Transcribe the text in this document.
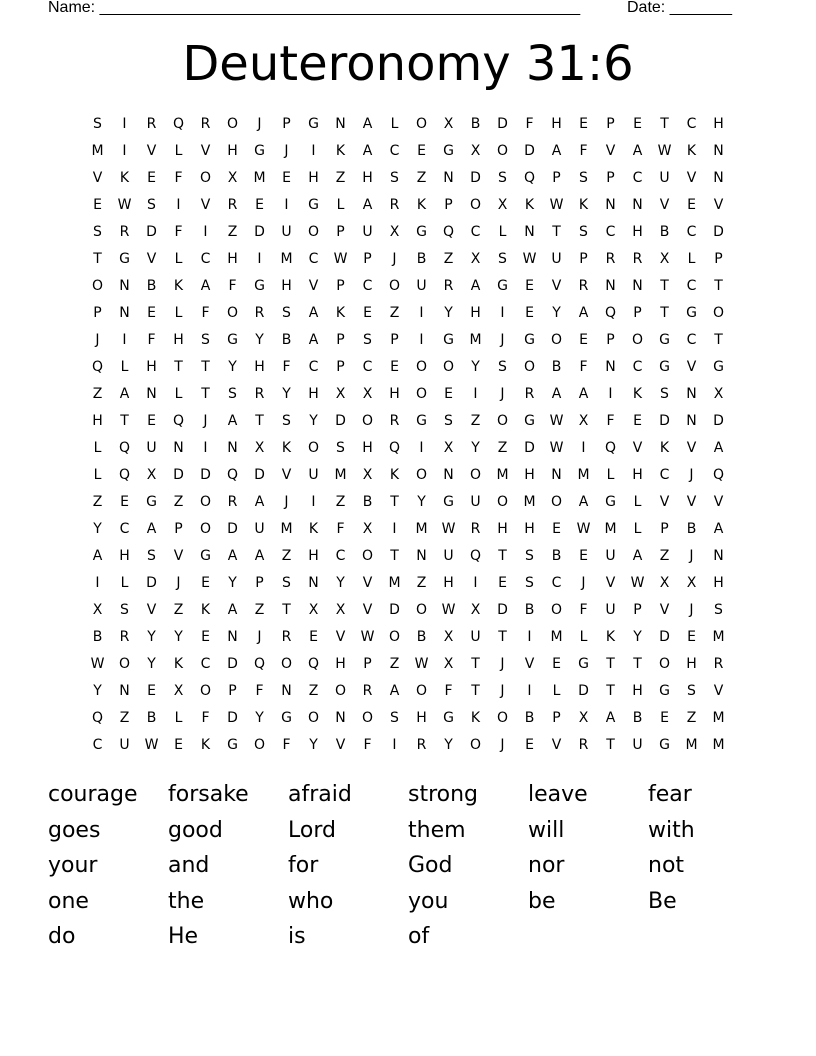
Name: ______________________________________________________	Date: _______
Deuteronomy 31:6
S	I	R	Q	R	O	J	P	G	N	A	L	O	X	B	D	F	H	E	P	E	T	C	H
M	I	V	L	V	H	G	J	I	K	A	C	E	G	X	O	D	A	F	V	A	W	K	N
V	K	E	F	O	X	M	E	H	Z	H	S	Z	N	D	S	Q	P	S	P	C	U	V	N
E	W	S	I	V	R	E	I	G	L	A	R	K	P	O	X	K	W	K	N	N	V	E	V
S	R	D	F	I	Z	D	U	O	P	U	X	G	Q	C	L	N	T	S	C	H	B	C	D
T	G	V	L	C	H	I	M	C	W	P	J	B	Z	X	S	W	U	P	R	R	X	L	P
O	N	B	K	A	F	G	H	V	P	C	O	U	R	A	G	E	V	R	N	N	T	C	T
P	N	E	L	F	O	R	S	A	K	E	Z	I	Y	H	I	E	Y	A	Q	P	T	G	O
J	I	F	H	S	G	Y	B	A	P	S	P	I	G	M	J	G	O	E	P	O	G	C	T
Q	L	H	T	T	Y	H	F	C	P	C	E	O	O	Y	S	O	B	F	N	C	G	V	G
Z	A	N	L	T	S	R	Y	H	X	X	H	O	E	I	J	R	A	A	I	K	S	N	X
H	T	E	Q	J	A	T	S	Y	D	O	R	G	S	Z	O	G	W	X	F	E	D	N	D
L	Q	U	N	I	N	X	K	O	S	H	Q	I	X	Y	Z	D	W	I	Q	V	K	V	A
L	Q	X	D	D	Q	D	V	U	M	X	K	O	N	O	M	H	N	M	L	H	C	J	Q
Z	E	G	Z	O	R	A	J	I	Z	B	T	Y	G	U	O	M	O	A	G	L	V	V	V
Y	C	A	P	O	D	U	M	K	F	X	I	M	W	R	H	H	E	W	M	L	P	B	A
A	H	S	V	G	A	A	Z	H	C	O	T	N	U	Q	T	S	B	E	U	A	Z	J	N
I	L	D	J	E	Y	P	S	N	Y	V	M	Z	H	I	E	S	C	J	V	W	X	X	H
X	S	V	Z	K	A	Z	T	X	X	V	D	O	W	X	D	B	O	F	U	P	V	J	S
B	R	Y	Y	E	N	J	R	E	V	W	O	B	X	U	T	I	M	L	K	Y	D	E	M
W	O	Y	K	C	D	Q	O	Q	H	P	Z	W	X	T	J	V	E	G	T	T	O	H	R
Y	N	E	X	O	P	F	N	Z	O	R	A	O	F	T	J	I	L	D	T	H	G	S	V
Q	Z	B	L	F	D	Y	G	O	N	O	S	H	G	K	O	B	P	X	A	B	E	Z	M
C	U	W	E	K	G	O	F	Y	V	F	I	R	Y	O	J	E	V	R	T	U	G	M	M
courage	forsake	afraid	strong	leave	fear
goes	good	Lord	them	will	with
your	and	for	God	nor	not
one	the	who	you	be	Be
do	He	is	of
